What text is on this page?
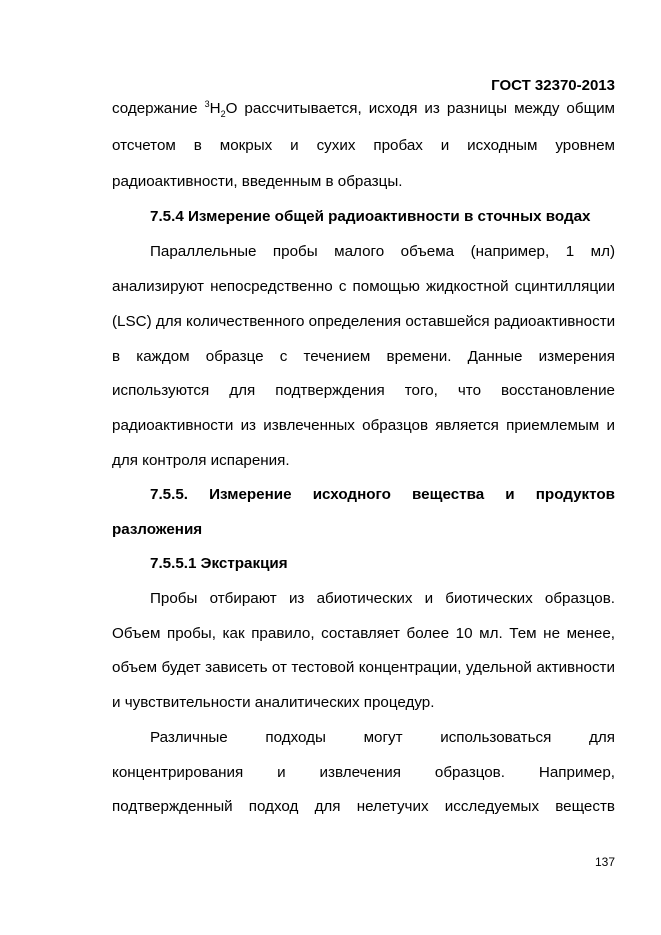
ГОСТ 32370-2013
содержание $^3H_2O$ рассчитывается, исходя из разницы между общим
отсчетом в мокрых и сухих пробах и исходным уровнем
радиоактивности, введенным в образцы.
7.5.4 Измерение общей радиоактивности в сточных водах
Параллельные пробы малого объема (например, 1 мл)
анализируют непосредственно с помощью жидкостной сцинтилляции
(LSC) для количественного определения оставшейся радиоактивности
в каждом образце с течением времени. Данные измерения
используются для подтверждения того, что восстановление
радиоактивности из извлеченных образцов является приемлемым и
для контроля испарения.
7.5.5. Измерение исходного вещества и продуктов
разложения
7.5.5.1 Экстракция
Пробы отбирают из абиотических и биотических образцов.
Объем пробы, как правило, составляет более 10 мл. Тем не менее,
объем будет зависеть от тестовой концентрации, удельной активности
и чувствительности аналитических процедур.
Различные подходы могут использоваться для
концентрирования и извлечения образцов. Например,
подтвержденный подход для нелетучих исследуемых веществ
137
